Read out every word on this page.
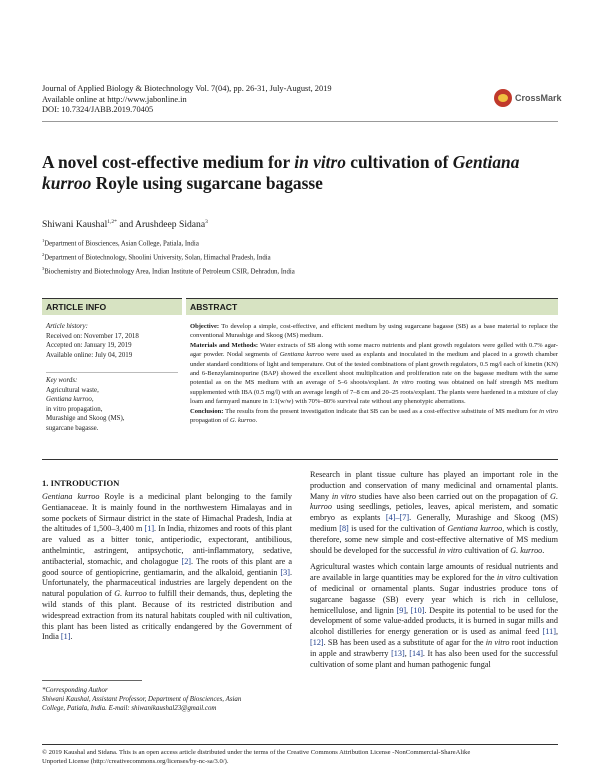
Journal of Applied Biology & Biotechnology Vol. 7(04), pp. 26-31, July-August, 2019
Available online at http://www.jabonline.in
DOI: 10.7324/JABB.2019.70405
CrossMark
A novel cost-effective medium for in vitro cultivation of Gentiana kurroo Royle using sugarcane bagasse
Shiwani Kaushal$^{1,2*}$ and Arushdeep Sidana$^3$
$^1$Department of Biosciences, Asian College, Patiala, India
$^2$Department of Biotechnology, Shoolini University, Solan, Himachal Pradesh, India
$^3$Biochemistry and Biotechnology Area, Indian Institute of Petroleum CSIR, Dehradun, India
ARTICLE INFO	ABSTRACT
Article history:
Received on: November 17, 2018
Accepted on: January 19, 2019
Available online: July 04, 2019
Key words:
Agricultural waste,
Gentiana kurroo,
in vitro propagation,
Murashige and Skoog (MS),
sugarcane bagasse.

Objective: To develop a simple, cost-effective, and efficient medium by using sugarcane bagasse (SB) as a base material to replace the conventional Murashige and Skoog (MS) medium.

Materials and Methods: Water extracts of SB along with some macro nutrients and plant growth regulators were gelled with 0.7% agar-agar powder. Nodal segments of Gentiana kurroo were used as explants and inoculated in the medium and placed in a growth chamber under standard conditions of light and temperature. Out of the tested combinations of plant growth regulators, 0.5 mg/l each of kinetin (KN) and 6-Benzylaminopurine (BAP) showed the excellent shoot multiplication and proliferation rate on the bagasse medium with the same potential as on the MS medium with an average of 5–6 shoots/explant. In vitro rooting was obtained on half strength MS medium supplemented with IBA (0.5 mg/l) with an average length of 7–8 cm and 20–25 roots/explant. The plants were hardened in a mixture of clay loam and farmyard manure in 1:1(w/w) with 70%–80% survival rate without any phenotypic aberrations.

Conclusion: The results from the present investigation indicate that SB can be used as a cost-effective substitute of MS medium for in vitro propagation of G. kurroo.

1. INTRODUCTION

Gentiana kurroo Royle is a medicinal plant belonging to the family Gentianaceae. It is mainly found in the northwestern Himalayas and in some pockets of Sirmaur district in the state of Himachal Pradesh, India at the altitudes of 1,500–3,400 m [1]. In India, rhizomes and roots of this plant are valued as a bitter tonic, antiperiodic, expectorant, antibilious, anthelmintic, astringent, antipsychotic, anti-inflammatory, sedative, antibacterial, stomachic, and cholagogue [2]. The roots of this plant are a good source of gentiopicrine, gentiamarin, and the alkaloid, gentianin [3]. Unfortunately, the pharmaceutical industries are largely dependent on the natural population of G. kurroo to fulfill their demands, thus, depleting the wild stands of this plant. Because of its restricted distribution and widespread extraction from its natural habitats coupled with nil cultivation, this plant has been listed as critically endangered by the Government of India [1].

Research in plant tissue culture has played an important role in the production and conservation of many medicinal and ornamental plants. Many in vitro studies have also been carried out on the propagation of G. kurroo using seedlings, petioles, leaves, apical meristem, and somatic embryo as explants [4]–[7]. Generally, Murashige and Skoog (MS) medium [8] is used for the cultivation of Gentiana kurroo, which is costly, therefore, some new simple and cost-effective alternative of MS medium should be developed for the successful in vitro cultivation of G. kurroo.

Agricultural wastes which contain large amounts of residual nutrients and are available in large quantities may be explored for the in vitro cultivation of medicinal or ornamental plants. Sugar industries produce tons of sugarcane bagasse (SB) every year which is rich in cellulose, hemicellulose, and lignin [9], [10]. Despite its potential to be used for the development of some value-added products, it is burned in sugar mills and alcohol distilleries for energy generation or is used as animal feed [11], [12]. SB has been used as a substitute of agar for the in vitro root induction in apple and strawberry [13], [14]. It has also been used for the successful cultivation of some plant and human pathogenic fungal

*Corresponding Author
Shiwani Kaushal, Assistant Professor, Department of Biosciences, Asian
College, Patiala, India. E-mail: shiwanikaushal23@gmail.com
© 2019 Kaushal and Sidana. This is an open access article distributed under the terms of the Creative Commons Attribution License -NonCommercial-ShareAlike
Unported License (http://creativecommons.org/licenses/by-nc-sa/3.0/).
